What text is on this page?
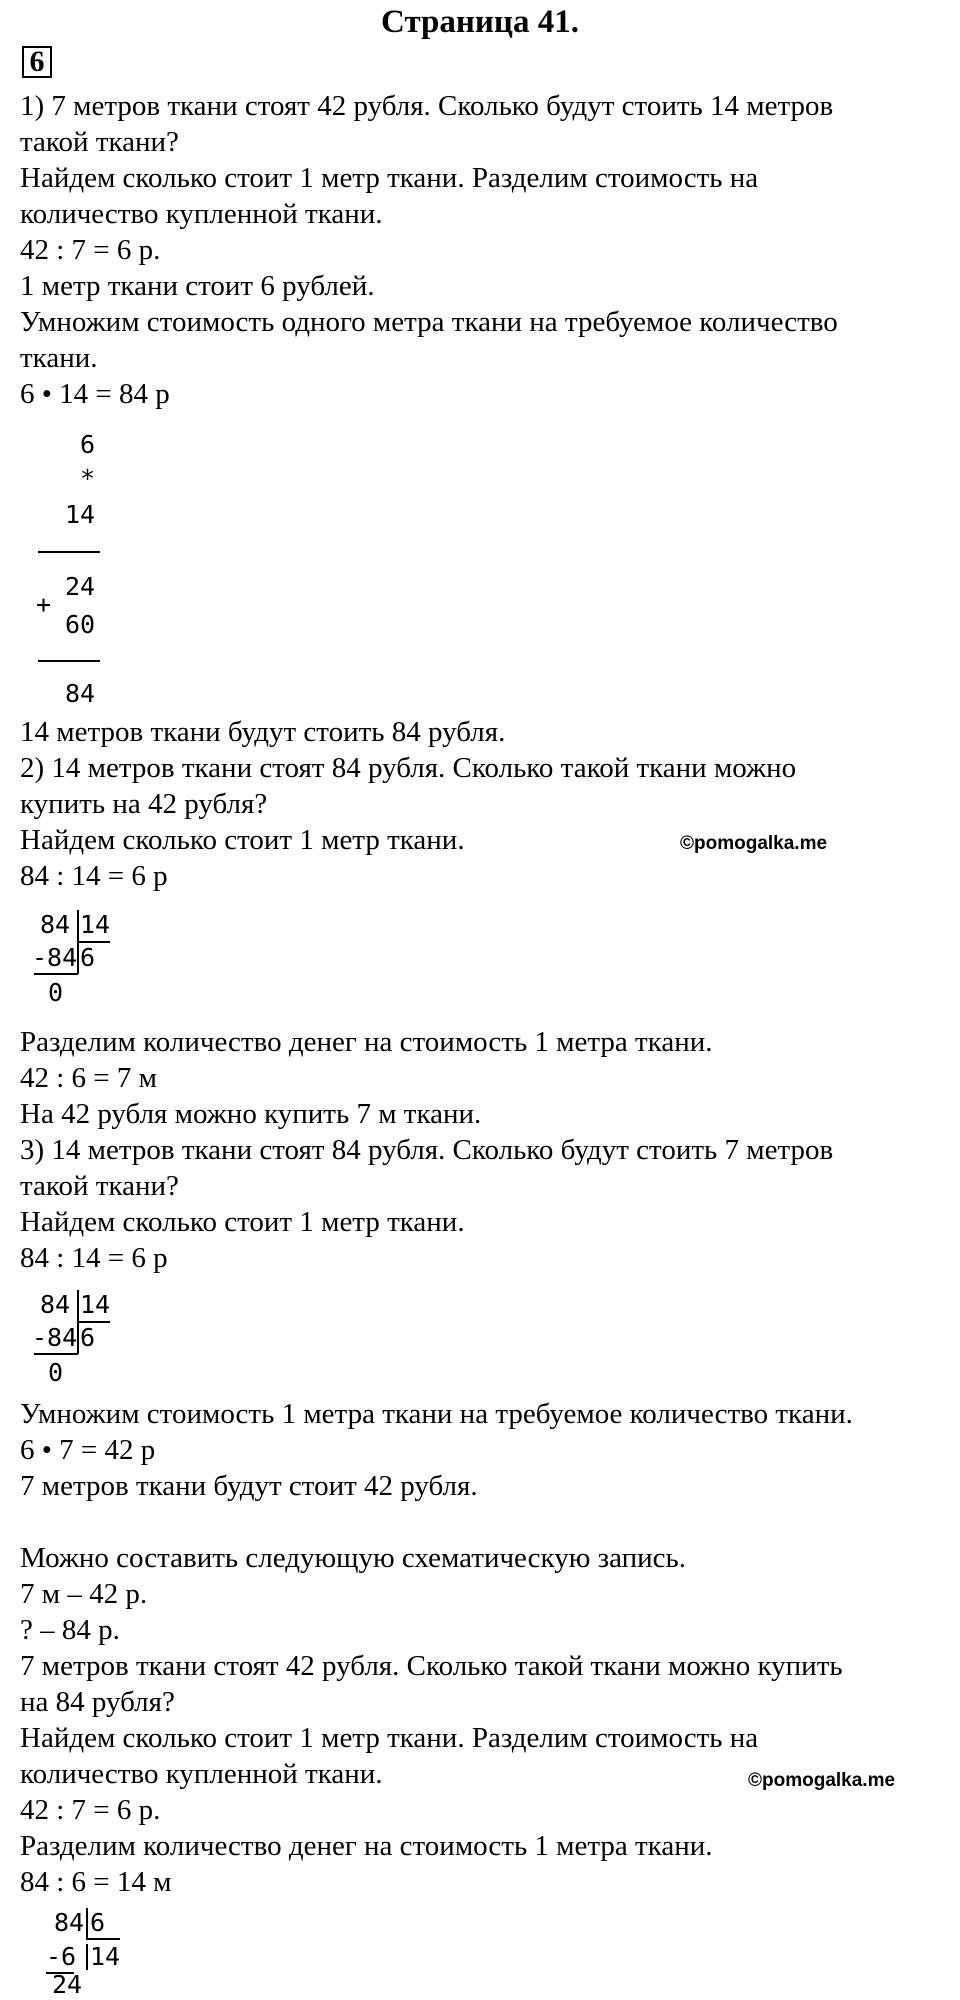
Страница 41.
6
1) 7 метров ткани стоят 42 рубля. Сколько будут стоить 14 метров
такой ткани?
Найдем сколько стоит 1 метр ткани. Разделим стоимость на
количество купленной ткани.
42 : 7 = 6 р.
1 метр ткани стоит 6 рублей.
Умножим стоимость одного метра ткани на требуемое количество
ткани.
6 • 14 = 84 р
6
*
14
24
+
60
84
14 метров ткани будут стоить 84 рубля.
2) 14 метров ткани стоят 84 рубля. Сколько такой ткани можно
купить на 42 рубля?
Найдем сколько стоит 1 метр ткани.	©pomogalka.me
84 : 14 = 6 р
84 14
-84 6
0
Разделим количество денег на стоимость 1 метра ткани.
42 : 6 = 7 м
На 42 рубля можно купить 7 м ткани.
3) 14 метров ткани стоят 84 рубля. Сколько будут стоить 7 метров
такой ткани?
Найдем сколько стоит 1 метр ткани.
84 : 14 = 6 р
84 14
-84 6
0
Умножим стоимость 1 метра ткани на требуемое количество ткани.
6 • 7 = 42 р
7 метров ткани будут стоит 42 рубля.
Можно составить следующую схематическую запись.
7 м – 42 р.
? – 84 р.
7 метров ткани стоят 42 рубля. Сколько такой ткани можно купить
на 84 рубля?
Найдем сколько стоит 1 метр ткани. Разделим стоимость на
количество купленной ткани.	©pomogalka.me
42 : 7 = 6 р.
Разделим количество денег на стоимость 1 метра ткани.
84 : 6 = 14 м
84 6
-6 14
24
